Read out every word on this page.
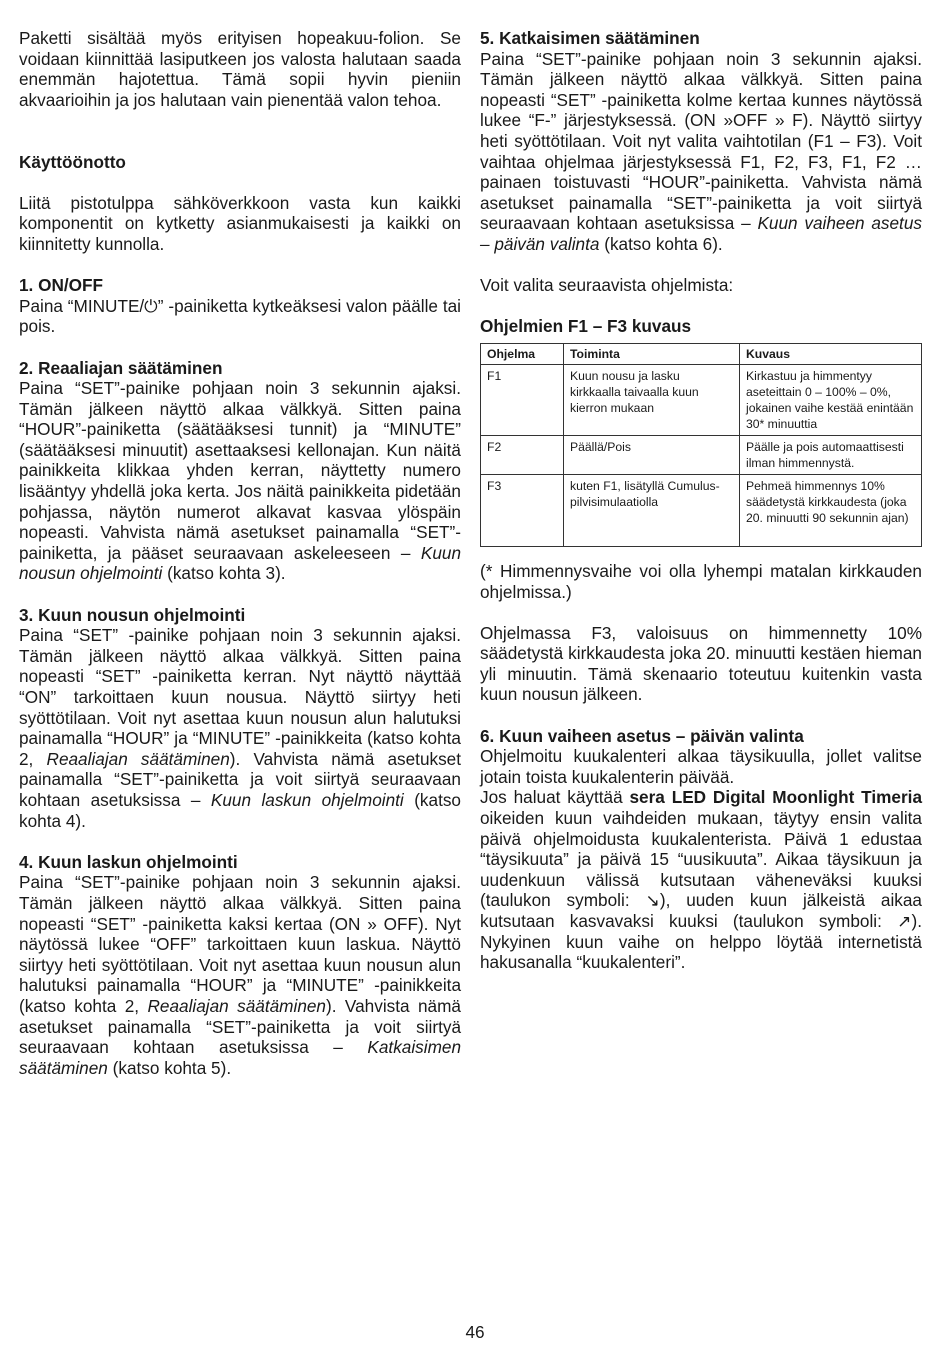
Paketti sisältää myös erityisen hopeakuu-folion. Se voidaan kiinnittää lasiputkeen jos valosta halutaan saada enemmän hajotettua. Tämä sopii hyvin pieniin akvaarioihin ja jos halutaan vain pienentää valon tehoa.

Käyttöönotto

Liitä pistotulppa sähköverkkoon vasta kun kaikki komponentit on kytketty asianmukaisesti ja kaikki on kiinnitetty kunnolla.

1. ON/OFF

Paina “MINUTE/⏻” -painiketta kytkeäksesi valon päälle tai pois.

2. Reaaliajan säätäminen

Paina “SET”-painike pohjaan noin 3 sekunnin ajaksi. Tämän jälkeen näyttö alkaa välkkyä. Sitten paina “HOUR”-painiketta (säätääksesi tunnit) ja “MINUTE” (säätääksesi minuutit) asettaaksesi kellonajan. Kun näitä painikkeita klikkaa yhden kerran, näyttetty numero lisääntyy yhdellä joka kerta. Jos näitä painikkeita pidetään pohjassa, näytön numerot alkavat kasvaa ylöspäin nopeasti. Vahvista nämä asetukset painamalla “SET”-painiketta, ja pääset seuraavaan askeleeseen – Kuun nousun ohjelmointi (katso kohta 3).

3. Kuun nousun ohjelmointi

Paina “SET” -painike pohjaan noin 3 sekunnin ajaksi. Tämän jälkeen näyttö alkaa välkkyä. Sitten paina nopeasti “SET” -painiketta kerran. Nyt näyttö näyttää “ON” tarkoittaen kuun nousua. Näyttö siirtyy heti syöttötilaan. Voit nyt asettaa kuun nousun alun halutuksi painamalla “HOUR” ja “MINUTE” -painikkeita (katso kohta 2, Reaaliajan säätäminen). Vahvista nämä asetukset painamalla “SET”-painiketta ja voit siirtyä seuraavaan kohtaan asetuksissa – Kuun laskun ohjelmointi (katso kohta 4).

4. Kuun laskun ohjelmointi

Paina “SET”-painike pohjaan noin 3 sekunnin ajaksi. Tämän jälkeen näyttö alkaa välkkyä. Sitten paina nopeasti “SET” -painiketta kaksi kertaa (ON » OFF). Nyt näytössä lukee “OFF” tarkoittaen kuun laskua. Näyttö siirtyy heti syöttötilaan. Voit nyt asettaa kuun nousun alun halutuksi painamalla “HOUR” ja “MINUTE” -painikkeita (katso kohta 2, Reaaliajan säätäminen). Vahvista nämä asetukset painamalla “SET”-painiketta ja voit siirtyä seuraavaan kohtaan asetuksissa – Katkaisimen säätäminen (katso kohta 5).

5. Katkaisimen säätäminen

Paina “SET”-painike pohjaan noin 3 sekunnin ajaksi. Tämän jälkeen näyttö alkaa välkkyä. Sitten paina nopeasti “SET” -painiketta kolme kertaa kunnes näytössä lukee “F-” järjestyksessä. (ON »OFF » F). Näyttö siirtyy heti syöttötilaan. Voit nyt valita vaihtotilan (F1 – F3). Voit vaihtaa ohjelmaa järjestyksessä F1, F2, F3, F1, F2 … painaen toistuvasti “HOUR”-painiketta. Vahvista nämä asetukset painamalla “SET”-painiketta ja voit siirtyä seuraavaan kohtaan asetuksissa – Kuun vaiheen asetus – päivän valinta (katso kohta 6).

Voit valita seuraavista ohjelmista:

Ohjelmien F1 – F3 kuvaus
Ohjelma	Toiminta	Kuvaus
F1	Kuun nousu ja lasku kirkkaalla taivaalla kuun kierron mukaan	Kirkastuu ja himmentyy aseteittain 0 – 100% – 0%, jokainen vaihe kestää enintään 30* minuuttia
F2	Päällä/Pois	Päälle ja pois automaattisesti ilman himmennystä.
F3	kuten F1, lisätyllä Cumulus-pilvisimulaatiolla	Pehmeä himmennys 10% säädetystä kirkkaudesta (joka 20. minuutti 90 sekunnin ajan)

(* Himmennysvaihe voi olla lyhempi matalan kirkkauden ohjelmissa.)

Ohjelmassa F3, valoisuus on himmennetty 10% säädetystä kirkkaudesta joka 20. minuutti kestäen hieman yli minuutin. Tämä skenaario toteutuu kuitenkin vasta kuun nousun jälkeen.

6. Kuun vaiheen asetus – päivän valinta

Ohjelmoitu kuukalenteri alkaa täysikuulla, jollet valitse jotain toista kuukalenterin päivää.

Jos haluat käyttää sera LED Digital Moonlight Timeria oikeiden kuun vaihdeiden mukaan, täytyy ensin valita päivä ohjelmoidusta kuukalenterista. Päivä 1 edustaa “täysikuuta” ja päivä 15 “uusikuuta”. Aikaa täysikuun ja uudenkuun välissä kutsutaan väheneväksi kuuksi (taulukon symboli: ↘), uuden kuun jälkeistä aikaa kutsutaan kasvavaksi kuuksi (taulukon symboli: ↗). Nykyinen kuun vaihe on helppo löytää internetistä hakusanalla “kuukalenteri”.

46
